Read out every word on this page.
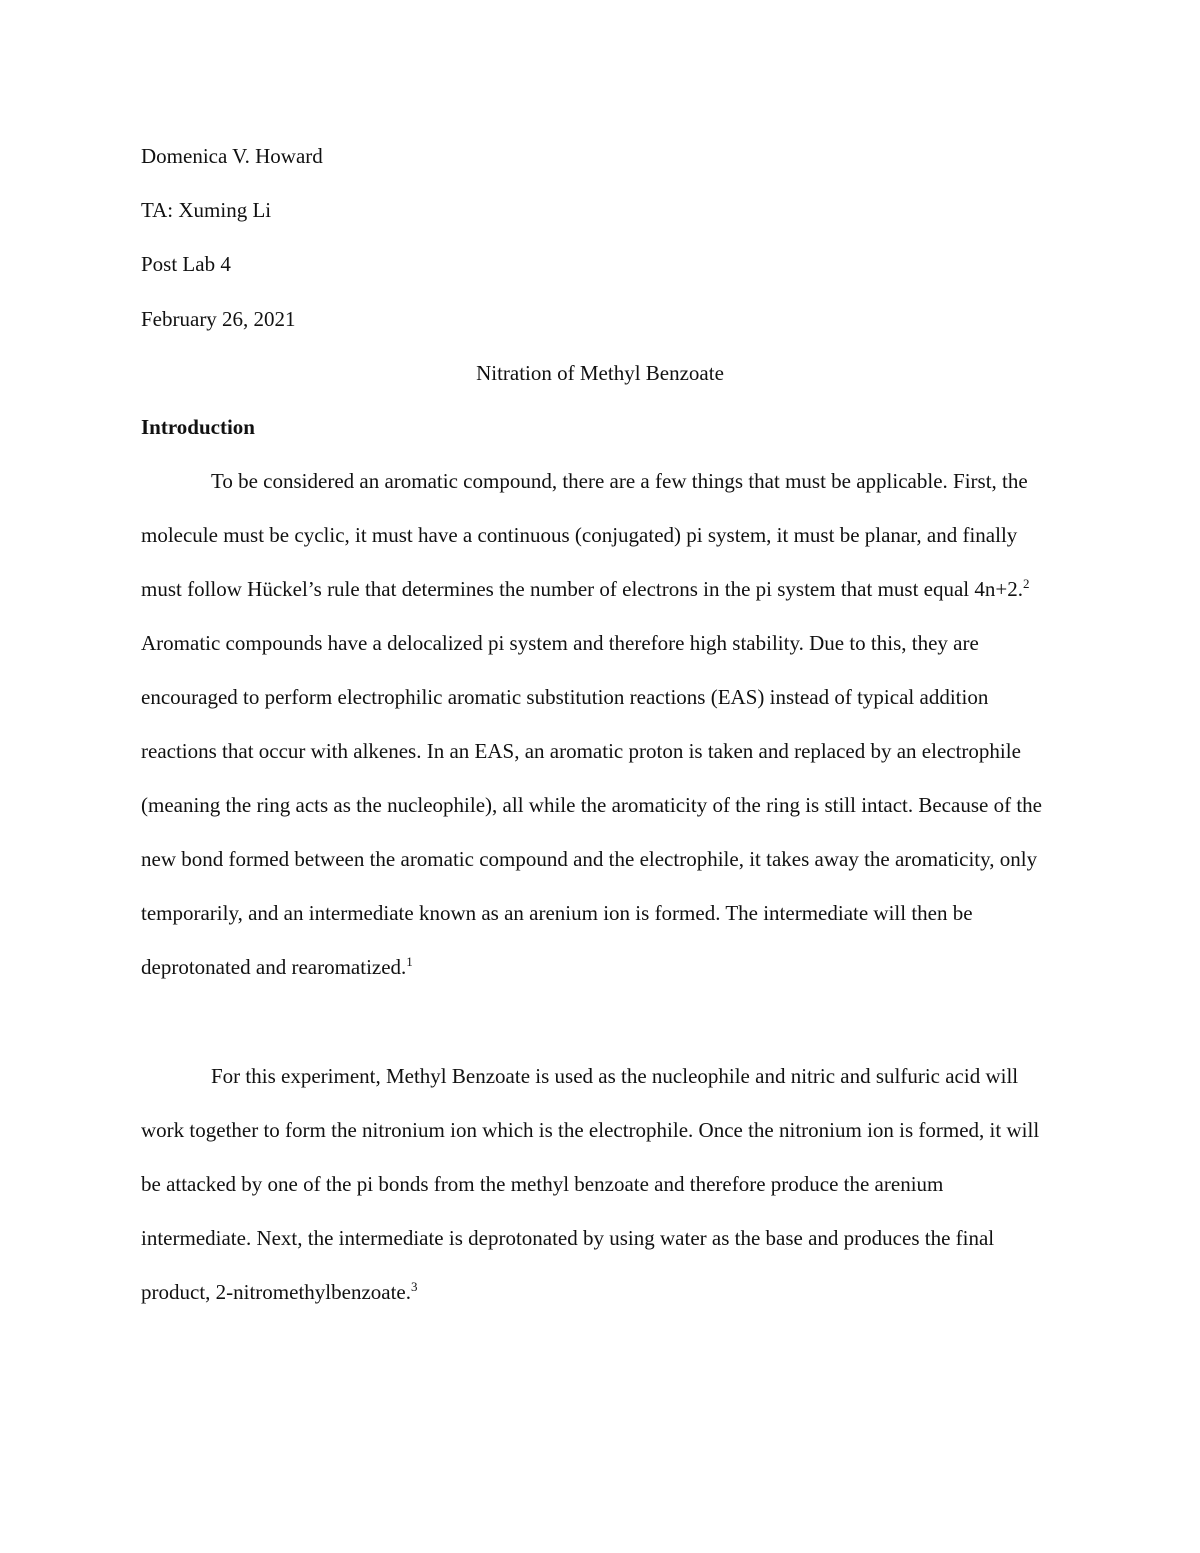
Domenica V. Howard
TA: Xuming Li
Post Lab 4
February 26, 2021
Nitration of Methyl Benzoate
Introduction

To be considered an aromatic compound, there are a few things that must be applicable. First, the molecule must be cyclic, it must have a continuous (conjugated) pi system, it must be planar, and finally must follow Hückel’s rule that determines the number of electrons in the pi system that must equal 4n+2.$^2$ Aromatic compounds have a delocalized pi system and therefore high stability. Due to this, they are encouraged to perform electrophilic aromatic substitution reactions (EAS) instead of typical addition reactions that occur with alkenes. In an EAS, an aromatic proton is taken and replaced by an electrophile (meaning the ring acts as the nucleophile), all while the aromaticity of the ring is still intact. Because of the new bond formed between the aromatic compound and the electrophile, it takes away the aromaticity, only temporarily, and an intermediate known as an arenium ion is formed. The intermediate will then be deprotonated and rearomatized.$^1$

For this experiment, Methyl Benzoate is used as the nucleophile and nitric and sulfuric acid will work together to form the nitronium ion which is the electrophile. Once the nitronium ion is formed, it will be attacked by one of the pi bonds from the methyl benzoate and therefore produce the arenium intermediate. Next, the intermediate is deprotonated by using water as the base and produces the final product, 2-nitromethylbenzoate.$^3$
